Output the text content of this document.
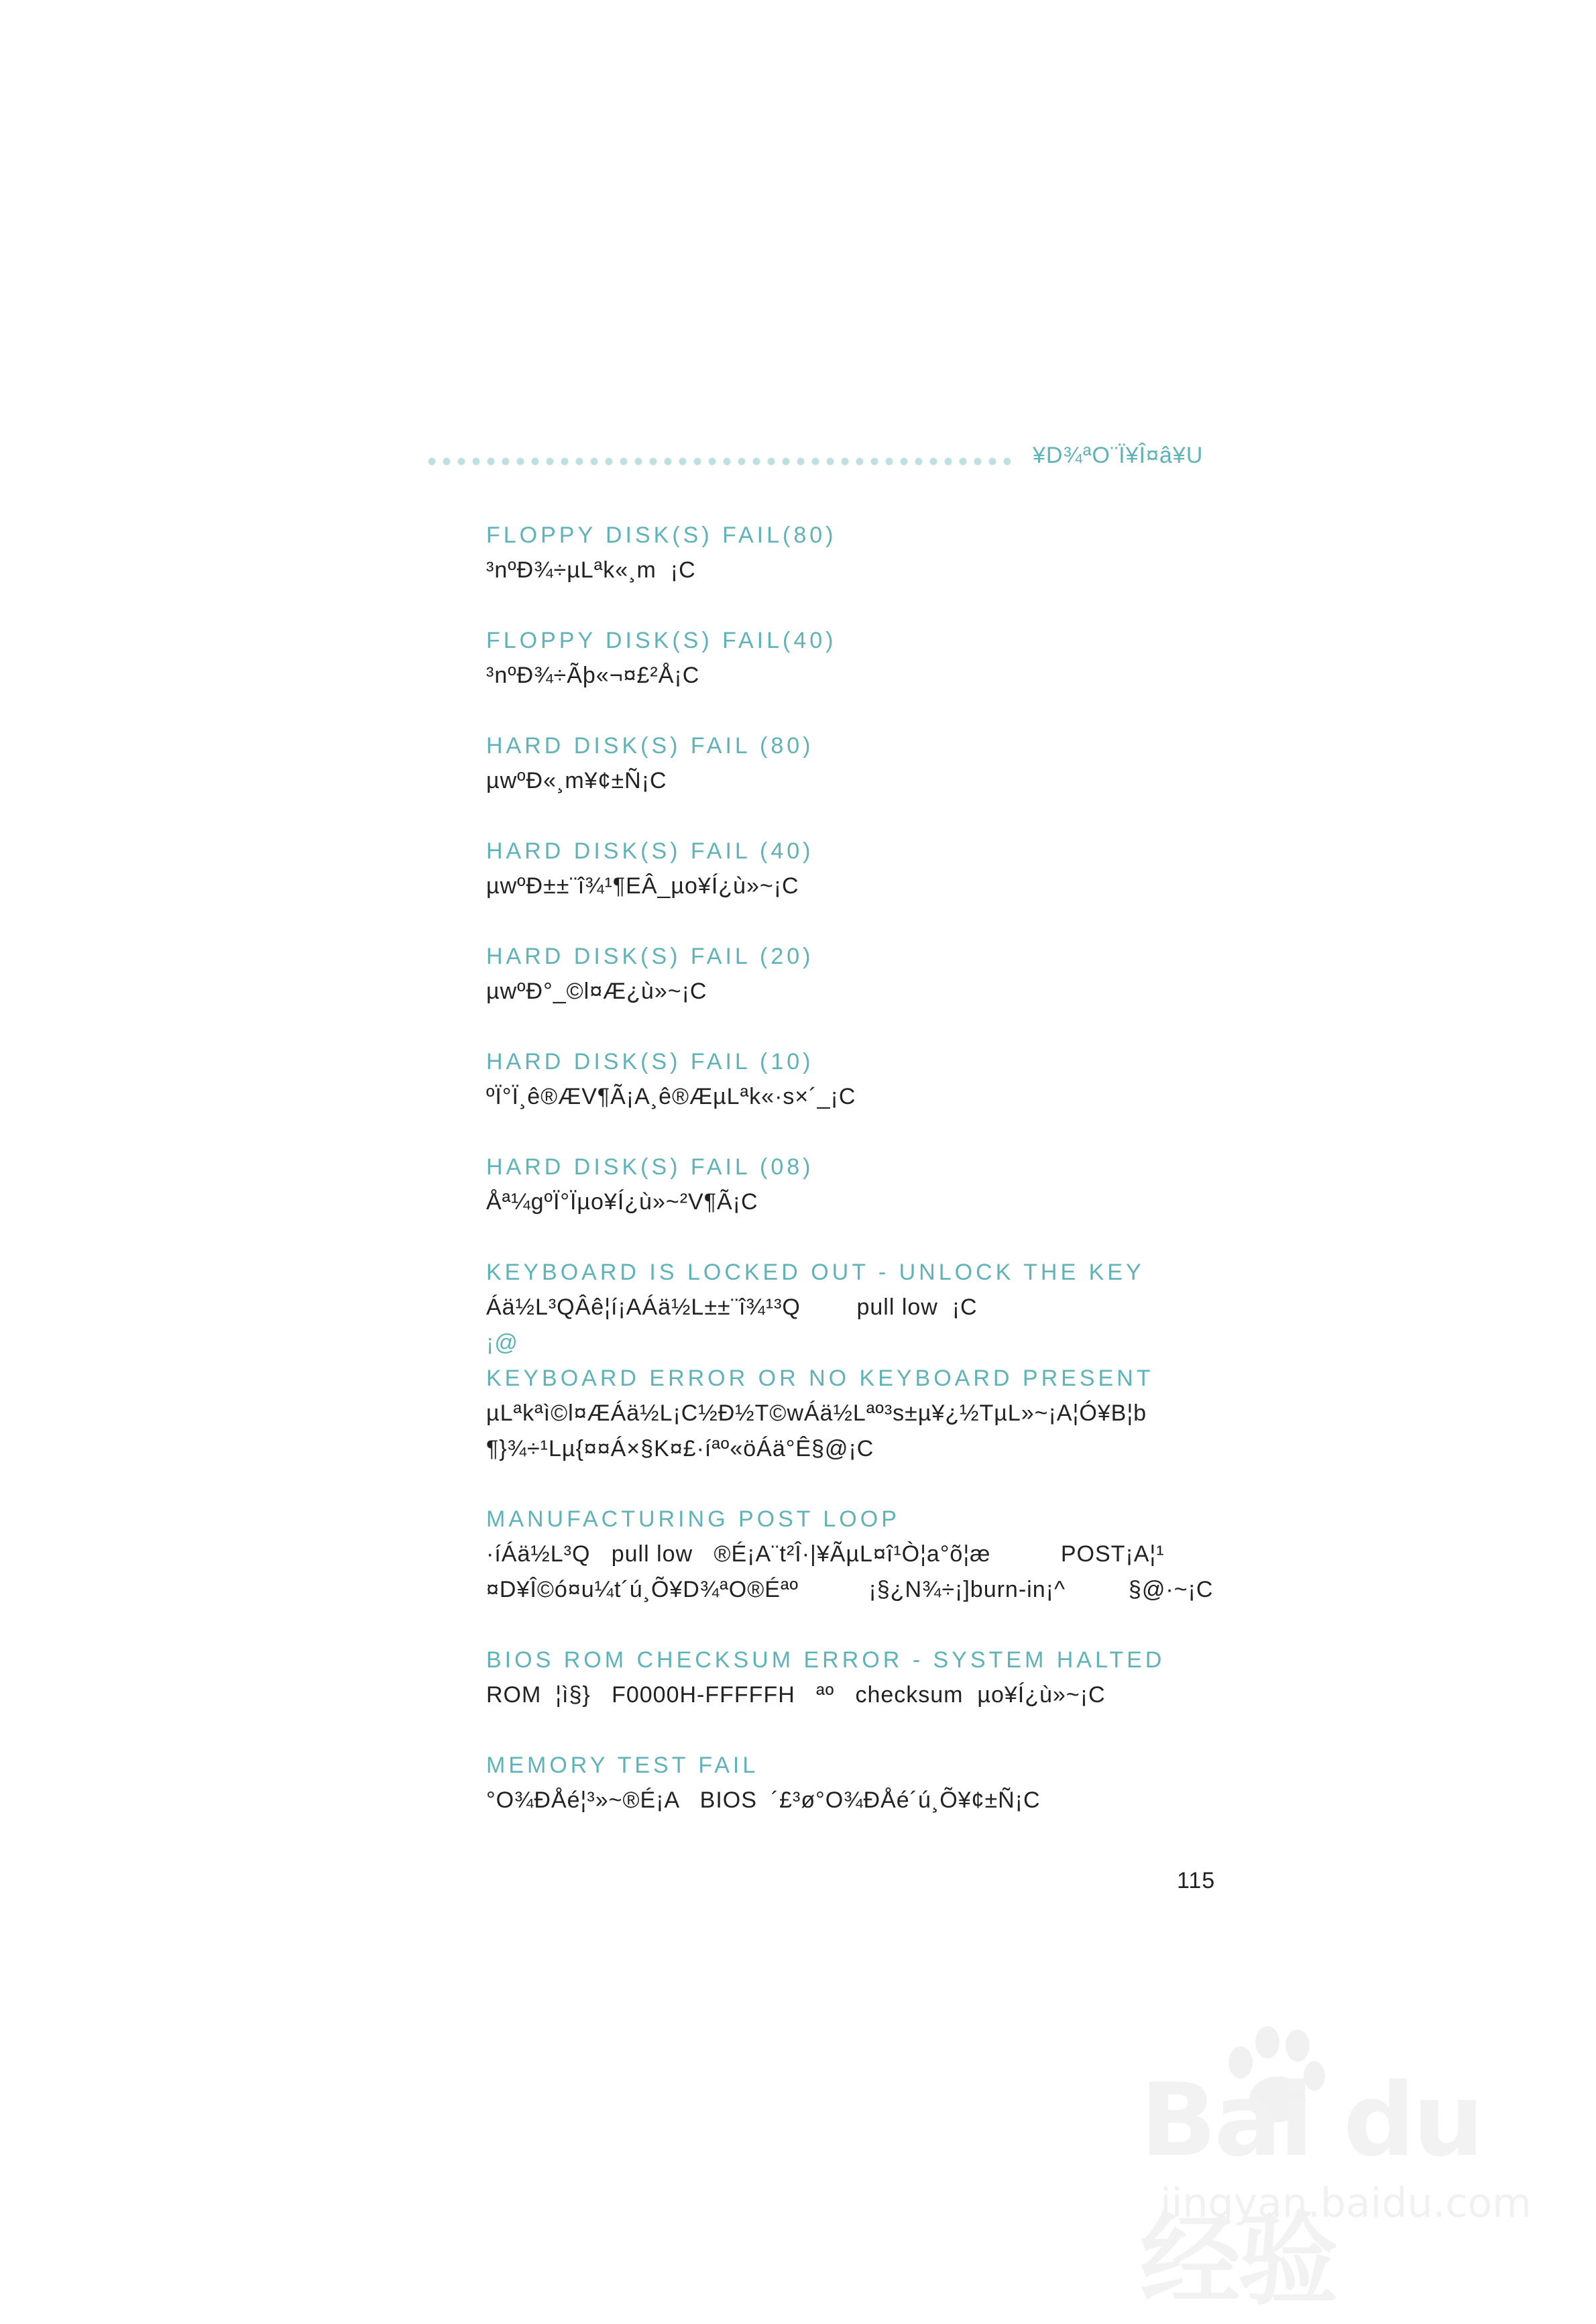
¥D¾ªO¨Ï¥Î¤â¥U
FLOPPY DISK(S) FAIL(80)
³nºÐ¾÷µLªk«¸m  ¡C
FLOPPY DISK(S) FAIL(40)
³nºÐ¾÷Ãþ«¬¤£²Å¡C
HARD DISK(S) FAIL (80)
µwºÐ«¸m¥¢±Ñ¡C
HARD DISK(S) FAIL (40)
µwºÐ±±¨î¾¹¶EÂ_µo¥Í¿ù»~¡C
HARD DISK(S) FAIL (20)
µwºÐ°_©l¤Æ¿ù»~¡C
HARD DISK(S) FAIL (10)
ºÏ°Ï¸ê®ÆV¶Ã¡A¸ê®ÆµLªk«·s×´_¡C
HARD DISK(S) FAIL (08)
Åª¼gºÏ°Ïµo¥Í¿ù»~²V¶Ã¡C
KEYBOARD IS LOCKED OUT - UNLOCK THE KEY
Áä½L³QÂê¦í¡AÁä½L±±¨î¾¹³Q        pull low  ¡C
¡@
KEYBOARD ERROR OR NO KEYBOARD PRESENT
µLªkªì©l¤ÆÁä½L¡C½Ð½T©wÁä½Lªº³s±µ¥¿½TµL»~¡A¦Ó¥B¦b
¶}¾÷¹Lµ{¤¤Á×§K¤£·íªº«öÁä°Ê§@¡C
MANUFACTURING POST LOOP
·íÁä½L³Q   pull low   ®É¡A¨t²Î·|¥ÃµL¤î¹Ò¦a°õ¦æ          POST¡A¦¹
¤D¥Î©ó¤u¼t´ú¸Õ¥D¾ªO®Éªº          ¡§¿N¾÷¡]burn-in¡^         §@·~¡C
BIOS ROM CHECKSUM ERROR - SYSTEM HALTED
ROM  ¦ì§}   F0000H-FFFFFH   ªº   checksum  µo¥Í¿ù»~¡C
MEMORY TEST FAIL
°O¾ÐÅé¦³»~®É¡A   BIOS  ´£³ø°O¾ÐÅé´ú¸Õ¥¢±Ñ¡C
115
Bai du 经验
jingyan.baidu.com
